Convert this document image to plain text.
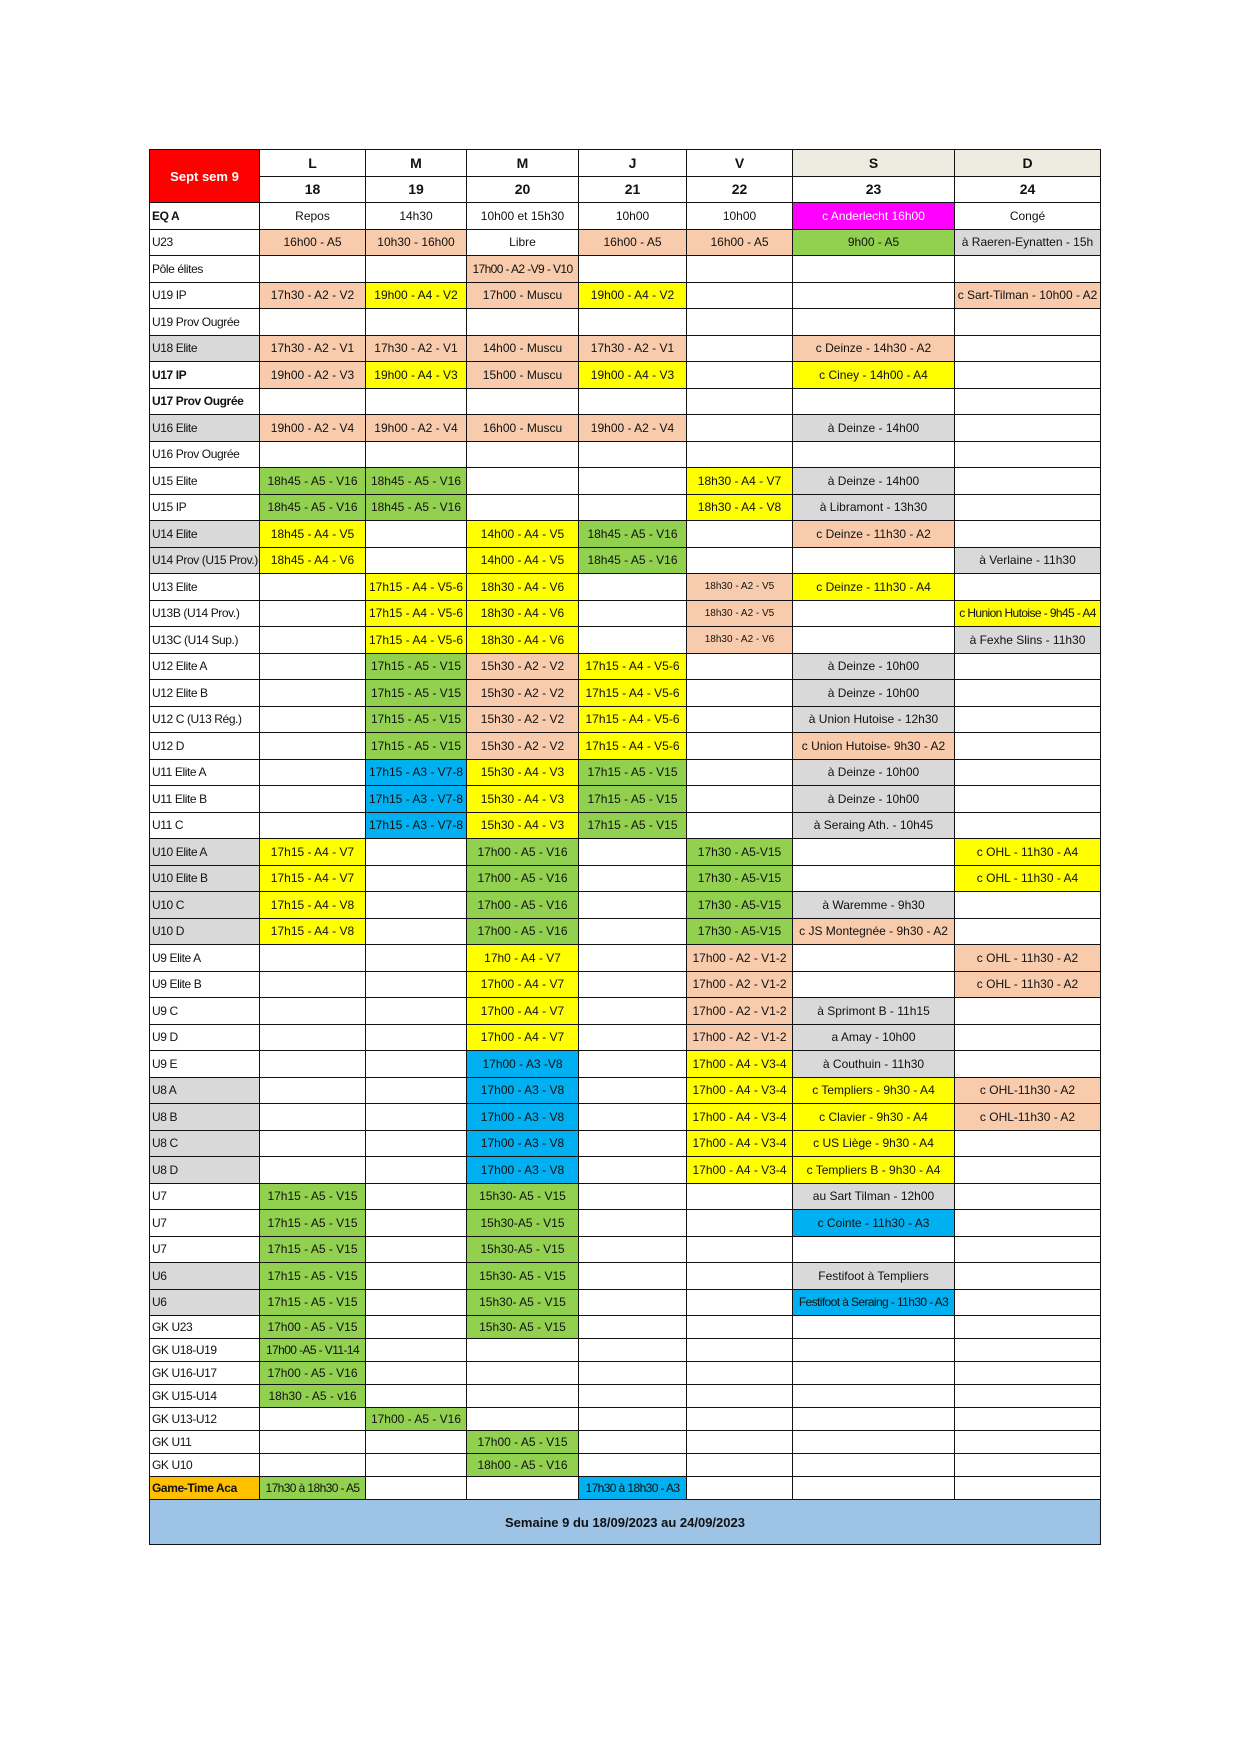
Sept sem 9	L	M	M	J	V	S	D
	18	19	20	21	22	23	24
EQ A	Repos	14h30	10h00 et 15h30	10h00	10h00	c Anderlecht 16h00	Congé
U23	16h00 - A5	10h30 - 16h00	Libre	16h00 - A5	16h00 - A5	9h00 - A5	à Raeren-Eynatten - 15h
Pôle élites			17h00 - A2 -V9 - V10				
U19 IP	17h30 - A2 - V2	19h00 - A4 - V2	17h00 - Muscu	19h00 - A4 - V2			c Sart-Tilman - 10h00 - A2
U19 Prov Ougrée							
U18 Elite	17h30 - A2 - V1	17h30 - A2 - V1	14h00 - Muscu	17h30 - A2 - V1		c Deinze - 14h30 - A2	
U17 IP	19h00 - A2 - V3	19h00 - A4 - V3	15h00 - Muscu	19h00 - A4 - V3		c Ciney - 14h00 - A4	
U17 Prov Ougrée							
U16 Elite	19h00 - A2 - V4	19h00 - A2 - V4	16h00 - Muscu	19h00 - A2 - V4		à Deinze - 14h00	
U16 Prov Ougrée							
U15 Elite	18h45 - A5 - V16	18h45 - A5 - V16			18h30 - A4 - V7	à Deinze - 14h00	
U15 IP	18h45 - A5 - V16	18h45 - A5 - V16			18h30 - A4 - V8	à Libramont - 13h30	
U14 Elite	18h45 - A4 - V5		14h00 - A4 - V5	18h45 - A5 - V16		c Deinze - 11h30 - A2	
U14 Prov (U15 Prov.)	18h45 - A4 - V6		14h00 - A4 - V5	18h45 - A5 - V16			à Verlaine - 11h30
U13 Elite		17h15 - A4 - V5-6	18h30 - A4 - V6		18h30 - A2 - V5	c Deinze - 11h30 - A4	
U13B (U14 Prov.)		17h15 - A4 - V5-6	18h30 - A4 - V6		18h30 - A2 - V5		c Hunion Hutoise - 9h45 - A4
U13C (U14 Sup.)		17h15 - A4 - V5-6	18h30 - A4 - V6		18h30 - A2 - V6		à Fexhe Slins - 11h30
U12 Elite A		17h15 - A5 - V15	15h30 - A2 - V2	17h15 - A4 - V5-6		à Deinze - 10h00	
U12 Elite B		17h15 - A5 - V15	15h30 - A2 - V2	17h15 - A4 - V5-6		à Deinze - 10h00	
U12 C (U13 Rég.)		17h15 - A5 - V15	15h30 - A2 - V2	17h15 - A4 - V5-6		à Union Hutoise - 12h30	
U12 D		17h15 - A5 - V15	15h30 - A2 - V2	17h15 - A4 - V5-6		c Union Hutoise- 9h30 - A2	
U11 Elite A		17h15 - A3 - V7-8	15h30 - A4 - V3	17h15 - A5 - V15		à Deinze - 10h00	
U11 Elite B		17h15 - A3 - V7-8	15h30 - A4 - V3	17h15 - A5 - V15		à Deinze - 10h00	
U11 C		17h15 - A3 - V7-8	15h30 - A4 - V3	17h15 - A5 - V15		à Seraing Ath. - 10h45	
U10 Elite A	17h15 - A4 - V7		17h00 - A5 - V16		17h30 - A5-V15		c OHL - 11h30 - A4
U10 Elite B	17h15 - A4 - V7		17h00 - A5 - V16		17h30 - A5-V15		c OHL - 11h30 - A4
U10 C	17h15 - A4 - V8		17h00 - A5 - V16		17h30 - A5-V15	à Waremme - 9h30	
U10 D	17h15 - A4 - V8		17h00 - A5 - V16		17h30 - A5-V15	c JS Montegnée - 9h30 - A2	
U9 Elite A			17h0 - A4 - V7		17h00 - A2 - V1-2		c OHL - 11h30 - A2
U9 Elite B			17h00 - A4 - V7		17h00 - A2 - V1-2		c OHL - 11h30 - A2
U9 C			17h00 - A4 - V7		17h00 - A2 - V1-2	à Sprimont B - 11h15	
U9 D			17h00 - A4 - V7		17h00 - A2 - V1-2	a Amay - 10h00	
U9 E			17h00 - A3 -V8		17h00 - A4 - V3-4	à Couthuin - 11h30	
U8 A			17h00 - A3 - V8		17h00 - A4 - V3-4	c Templiers - 9h30 - A4	c OHL-11h30 - A2
U8 B			17h00 - A3 - V8		17h00 - A4 - V3-4	c Clavier - 9h30 - A4	c OHL-11h30 - A2
U8 C			17h00 - A3 - V8		17h00 - A4 - V3-4	c US Liège - 9h30 - A4	
U8 D			17h00 - A3 - V8		17h00 - A4 - V3-4	c Templiers B - 9h30 - A4	
U7	17h15 - A5 - V15		15h30- A5 - V15			au Sart Tilman - 12h00	
U7	17h15 - A5 - V15		15h30-A5 - V15			c Cointe - 11h30 - A3	
U7	17h15 - A5 - V15		15h30-A5 - V15				
U6	17h15 - A5 - V15		15h30- A5 - V15			Festifoot à Templiers	
U6	17h15 - A5 - V15		15h30- A5 - V15			Festifoot à Seraing - 11h30 - A3	
GK U23	17h00 - A5 - V15		15h30- A5 - V15				
GK U18-U19	17h00 -A5 - V11-14						
GK U16-U17	17h00 - A5 - V16						
GK U15-U14	18h30 - A5 - v16						
GK U13-U12		17h00 - A5 - V16					
GK U11			17h00 - A5 - V15				
GK U10			18h00 - A5 - V16				
Game-Time Aca	17h30 à 18h30 - A5			17h30 à 18h30 - A3			
Semaine 9 du 18/09/2023 au 24/09/2023							
